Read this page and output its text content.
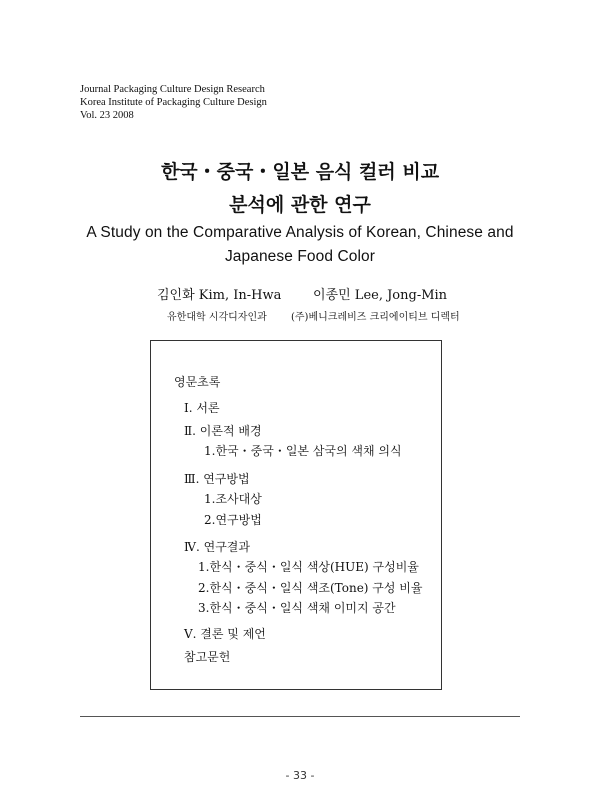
Journal Packaging Culture Design Research
Korea Institute of Packaging Culture Design
Vol. 23 2008
한국・중국・일본 음식 컬러 비교
분석에 관한 연구
A Study on the Comparative Analysis of Korean, Chinese and
Japanese Food Color
김인화 Kim, In-Hwa 이종민 Lee, Jong-Min
유한대학 시각디자인과 (주)베니크레비즈 크리에이티브 디렉터
영문초록
Ⅰ. 서론
Ⅱ. 이론적 배경
1.한국・중국・일본 삼국의 색채 의식
Ⅲ. 연구방법
1.조사대상
2.연구방법
Ⅳ. 연구결과
1.한식・중식・일식 색상(HUE) 구성비율
2.한식・중식・일식 색조(Tone) 구성 비율
3.한식・중식・일식 색채 이미지 공간
Ⅴ. 결론 및 제언
참고문헌
- 33 -
